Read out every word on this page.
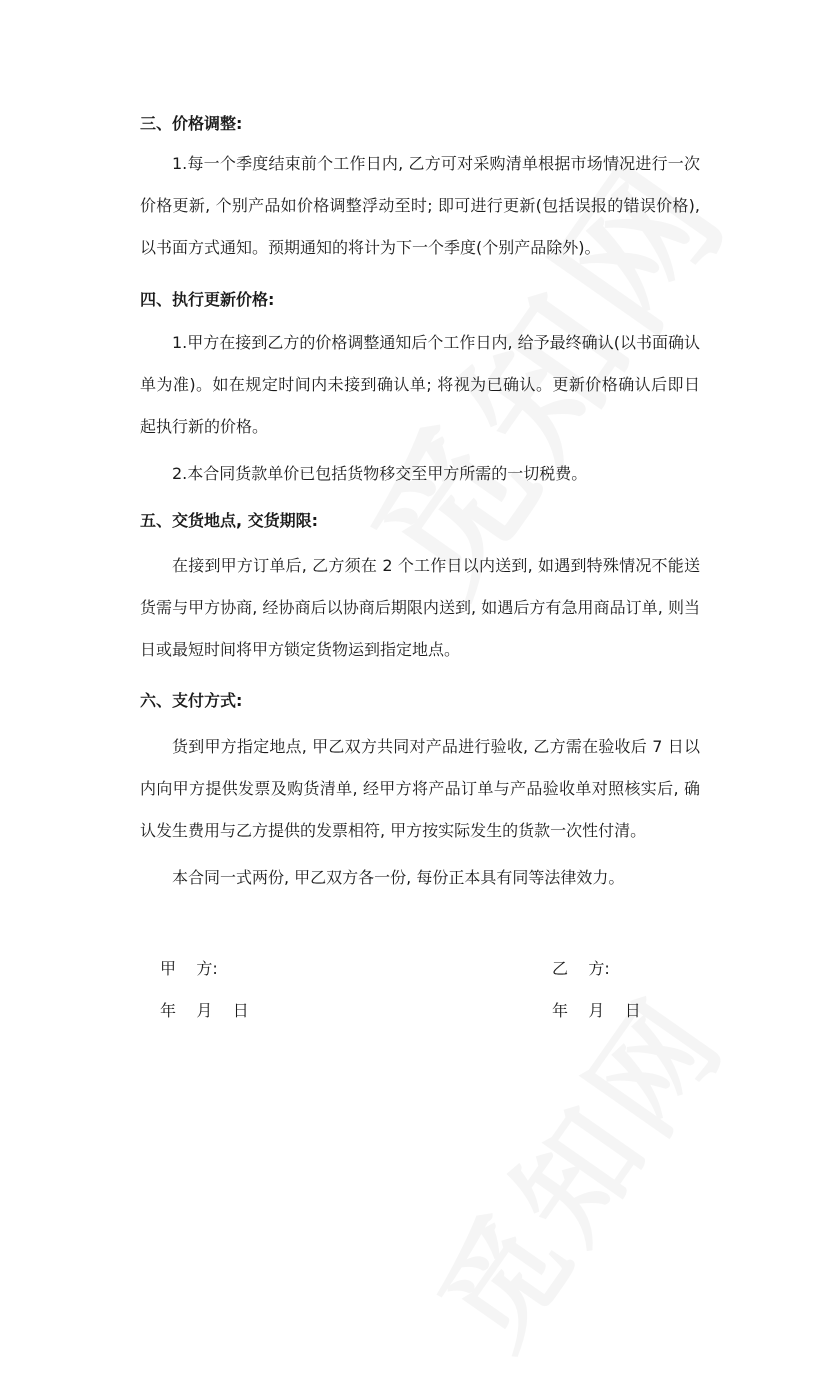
三、价格调整:
1.每一个季度结束前个工作日内, 乙方可对采购清单根据市场情况进行一次价格更新, 个别产品如价格调整浮动至时; 即可进行更新(包括误报的错误价格), 以书面方式通知。预期通知的将计为下一个季度(个别产品除外)。
四、执行更新价格:
1.甲方在接到乙方的价格调整通知后个工作日内, 给予最终确认(以书面确认单为准)。如在规定时间内未接到确认单; 将视为已确认。更新价格确认后即日起执行新的价格。
2.本合同货款单价已包括货物移交至甲方所需的一切税费。
五、交货地点, 交货期限:
在接到甲方订单后, 乙方须在 2 个工作日以内送到, 如遇到特殊情况不能送货需与甲方协商, 经协商后以协商后期限内送到, 如遇后方有急用商品订单, 则当日或最短时间将甲方锁定货物运到指定地点。
六、支付方式:
货到甲方指定地点, 甲乙双方共同对产品进行验收, 乙方需在验收后 7 日以内向甲方提供发票及购货清单, 经甲方将产品订单与产品验收单对照核实后, 确认发生费用与乙方提供的发票相符, 甲方按实际发生的货款一次性付清。
本合同一式两份, 甲乙双方各一份, 每份正本具有同等法律效力。
甲    方:
年    月    日
乙    方:
年    月    日
